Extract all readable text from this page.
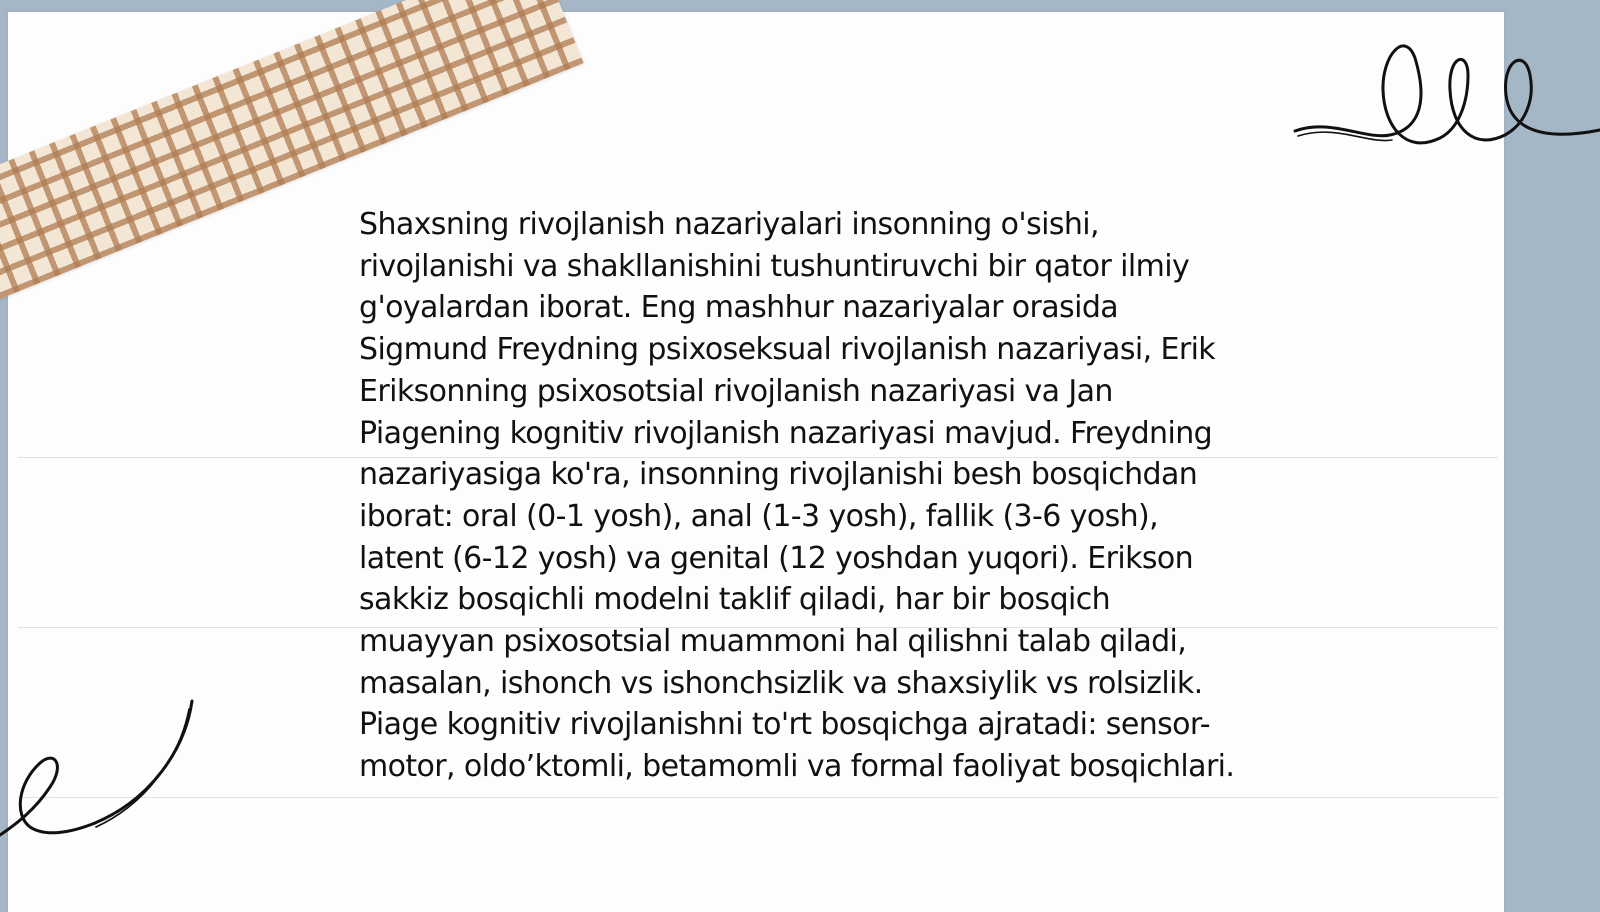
Shaxsning rivojlanish nazariyalari insonning o'sishi, rivojlanishi va shakllanishini tushuntiruvchi bir qator ilmiy g'oyalardan iborat. Eng mashhur nazariyalar orasida Sigmund Freydning psixoseksual rivojlanish nazariyasi, Erik Eriksonning psixosotsial rivojlanish nazariyasi va Jan Piagening kognitiv rivojlanish nazariyasi mavjud. Freydning nazariyasiga ko'ra, insonning rivojlanishi besh bosqichdan iborat: oral (0-1 yosh), anal (1-3 yosh), fallik (3-6 yosh), latent (6-12 yosh) va genital (12 yoshdan yuqori). Erikson sakkiz bosqichli modelni taklif qiladi, har bir bosqich muayyan psixosotsial muammoni hal qilishni talab qiladi, masalan, ishonch vs ishonchsizlik va shaxsiylik vs rolsizlik. Piage kognitiv rivojlanishni to'rt bosqichga ajratadi: sensor-motor, oldo’ktomli, betamomli va formal faoliyat bosqichlari.
